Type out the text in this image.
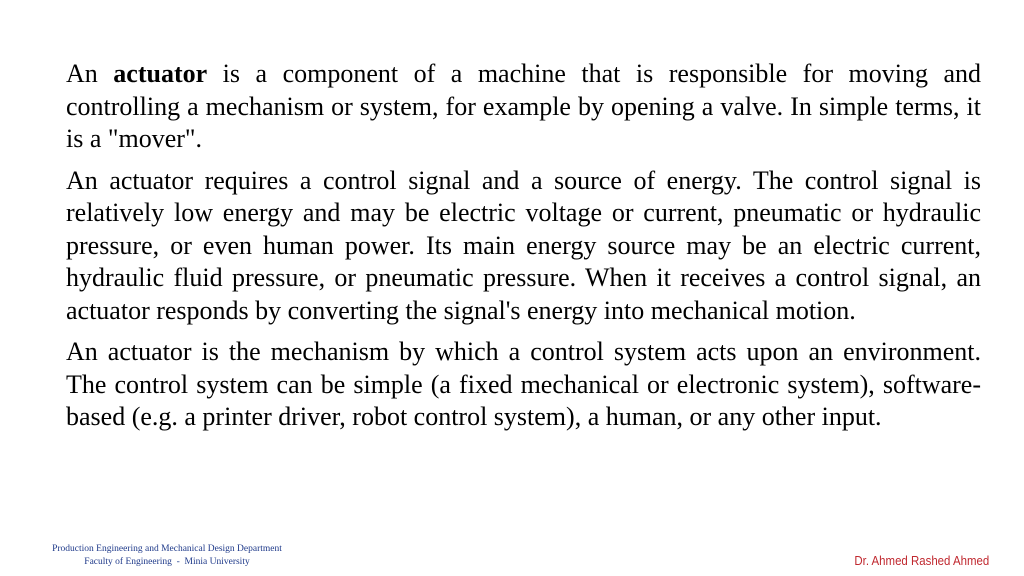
An actuator is a component of a machine that is responsible for moving and controlling a mechanism or system, for example by opening a valve. In simple terms, it is a "mover".

An actuator requires a control signal and a source of energy. The control signal is relatively low energy and may be electric voltage or current, pneumatic or hydraulic pressure, or even human power. Its main energy source may be an electric current, hydraulic fluid pressure, or pneumatic pressure. When it receives a control signal, an actuator responds by converting the signal's energy into mechanical motion.

An actuator is the mechanism by which a control system acts upon an environment. The control system can be simple (a fixed mechanical or electronic system), software-based (e.g. a printer driver, robot control system), a human, or any other input.

Production Engineering and Mechanical Design Department
Faculty of Engineering  -  Minia University	Dr. Ahmed Rashed Ahmed
